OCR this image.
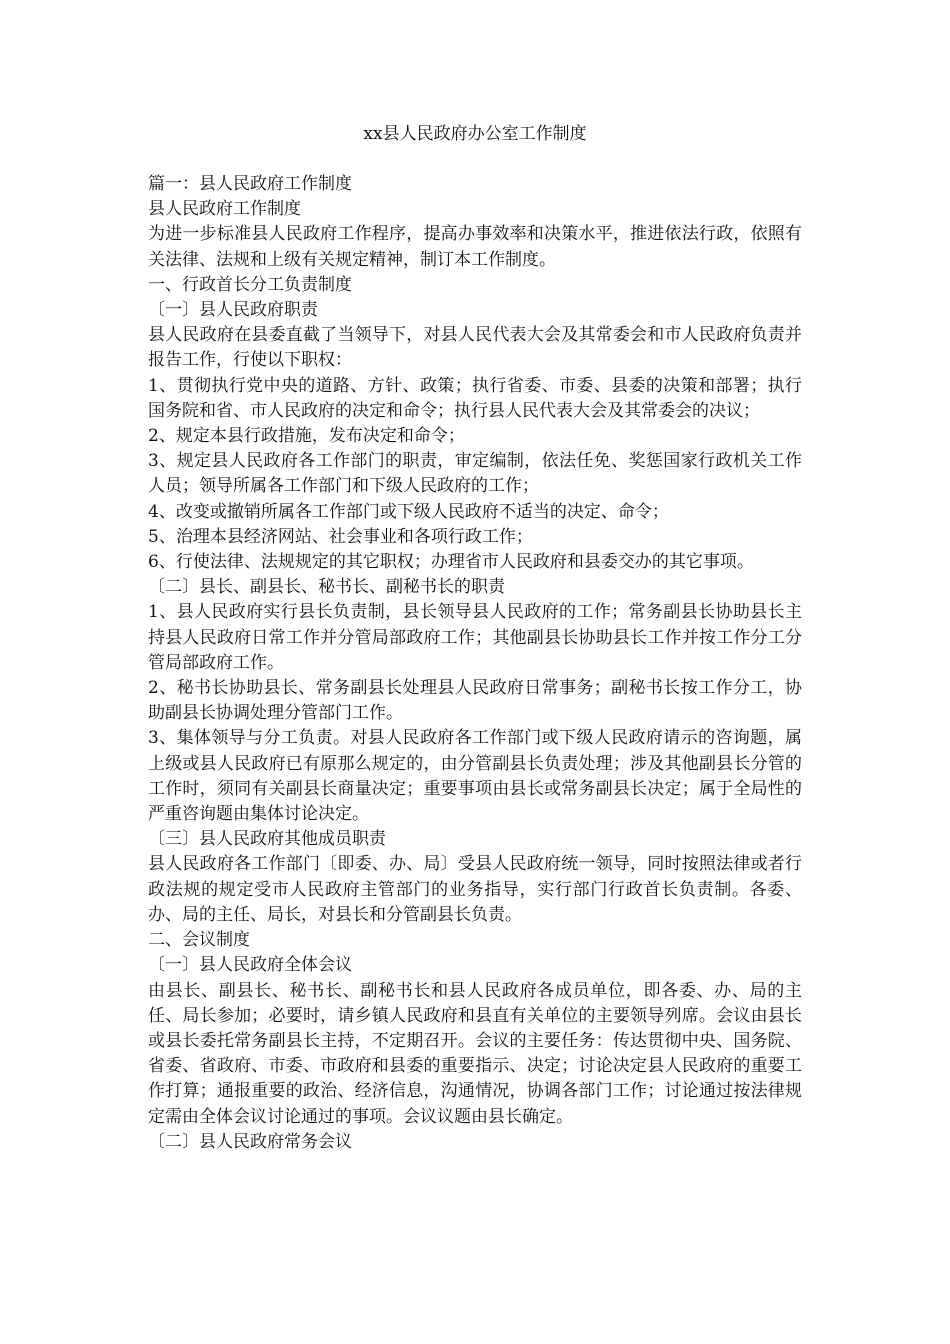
xx县人民政府办公室工作制度

篇一：县人民政府工作制度

县人民政府工作制度

为进一步标准县人民政府工作程序，提高办事效率和决策水平，推进依法行政，依照有关法律、法规和上级有关规定精神，制订本工作制度。

一、行政首长分工负责制度

〔一〕县人民政府职责

县人民政府在县委直截了当领导下，对县人民代表大会及其常委会和市人民政府负责并报告工作，行使以下职权：

1、贯彻执行党中央的道路、方针、政策；执行省委、市委、县委的决策和部署；执行国务院和省、市人民政府的决定和命令；执行县人民代表大会及其常委会的决议；

2、规定本县行政措施，发布决定和命令；

3、规定县人民政府各工作部门的职责，审定编制，依法任免、奖惩国家行政机关工作人员；领导所属各工作部门和下级人民政府的工作；

4、改变或撤销所属各工作部门或下级人民政府不适当的决定、命令；

5、治理本县经济网站、社会事业和各项行政工作；

6、行使法律、法规规定的其它职权；办理省市人民政府和县委交办的其它事项。

〔二〕县长、副县长、秘书长、副秘书长的职责

1、县人民政府实行县长负责制，县长领导县人民政府的工作；常务副县长协助县长主持县人民政府日常工作并分管局部政府工作；其他副县长协助县长工作并按工作分工分管局部政府工作。

2、秘书长协助县长、常务副县长处理县人民政府日常事务；副秘书长按工作分工，协助副县长协调处理分管部门工作。

3、集体领导与分工负责。对县人民政府各工作部门或下级人民政府请示的咨询题，属上级或县人民政府已有原那么规定的，由分管副县长负责处理；涉及其他副县长分管的工作时，须同有关副县长商量决定；重要事项由县长或常务副县长决定；属于全局性的严重咨询题由集体讨论决定。

〔三〕县人民政府其他成员职责

县人民政府各工作部门〔即委、办、局〕受县人民政府统一领导，同时按照法律或者行政法规的规定受市人民政府主管部门的业务指导，实行部门行政首长负责制。各委、办、局的主任、局长，对县长和分管副县长负责。

二、会议制度

〔一〕县人民政府全体会议

由县长、副县长、秘书长、副秘书长和县人民政府各成员单位，即各委、办、局的主任、局长参加；必要时，请乡镇人民政府和县直有关单位的主要领导列席。会议由县长或县长委托常务副县长主持，不定期召开。会议的主要任务：传达贯彻中央、国务院、省委、省政府、市委、市政府和县委的重要指示、决定；讨论决定县人民政府的重要工作打算；通报重要的政治、经济信息，沟通情况，协调各部门工作；讨论通过按法律规定需由全体会议讨论通过的事项。会议议题由县长确定。

〔二〕县人民政府常务会议
